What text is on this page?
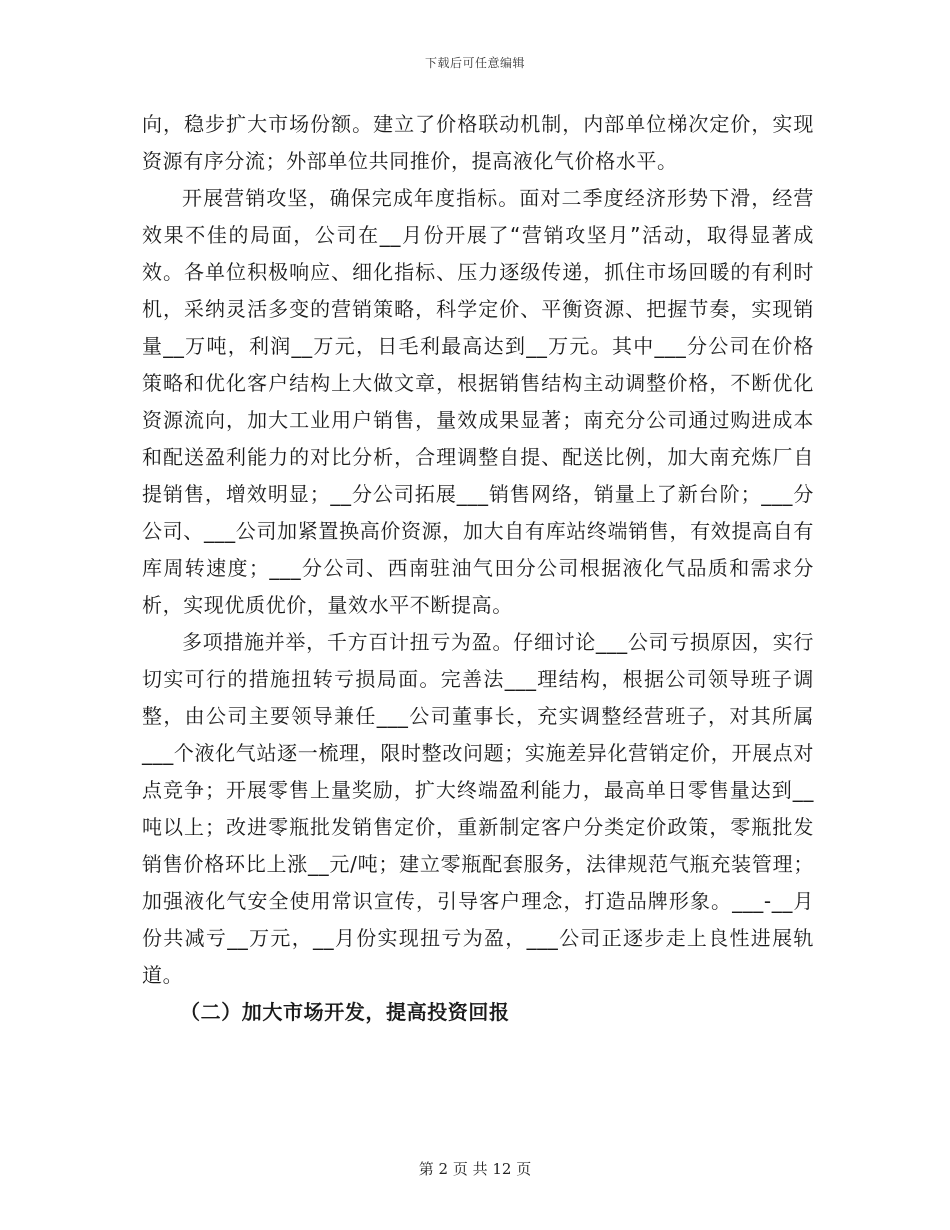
下载后可任意编辑

向，稳步扩大市场份额。建立了价格联动机制，内部单位梯次定价，实现资源有序分流；外部单位共同推价，提高液化气价格水平。

开展营销攻坚，确保完成年度指标。面对二季度经济形势下滑，经营效果不佳的局面，公司在__月份开展了“营销攻坚月”活动，取得显著成效。各单位积极响应、细化指标、压力逐级传递，抓住市场回暖的有利时机，采纳灵活多变的营销策略，科学定价、平衡资源、把握节奏，实现销量__万吨，利润__万元，日毛利最高达到__万元。其中___分公司在价格策略和优化客户结构上大做文章，根据销售结构主动调整价格，不断优化资源流向，加大工业用户销售，量效成果显著；南充分公司通过购进成本和配送盈利能力的对比分析，合理调整自提、配送比例，加大南充炼厂自提销售，增效明显；__分公司拓展___销售网络，销量上了新台阶；___分公司、___公司加紧置换高价资源，加大自有库站终端销售，有效提高自有库周转速度；___分公司、西南驻油气田分公司根据液化气品质和需求分析，实现优质优价，量效水平不断提高。

多项措施并举，千方百计扭亏为盈。仔细讨论___公司亏损原因，实行切实可行的措施扭转亏损局面。完善法___理结构，根据公司领导班子调整，由公司主要领导兼任___公司董事长，充实调整经营班子，对其所属___个液化气站逐一梳理，限时整改问题；实施差异化营销定价，开展点对点竞争；开展零售上量奖励，扩大终端盈利能力，最高单日零售量达到__吨以上；改进零瓶批发销售定价，重新制定客户分类定价政策，零瓶批发销售价格环比上涨__元/吨；建立零瓶配套服务，法律规范气瓶充装管理；加强液化气安全使用常识宣传，引导客户理念，打造品牌形象。___-__月份共减亏__万元，__月份实现扭亏为盈，___公司正逐步走上良性进展轨道。

（二）加大市场开发，提高投资回报
第 2 页 共 12 页
